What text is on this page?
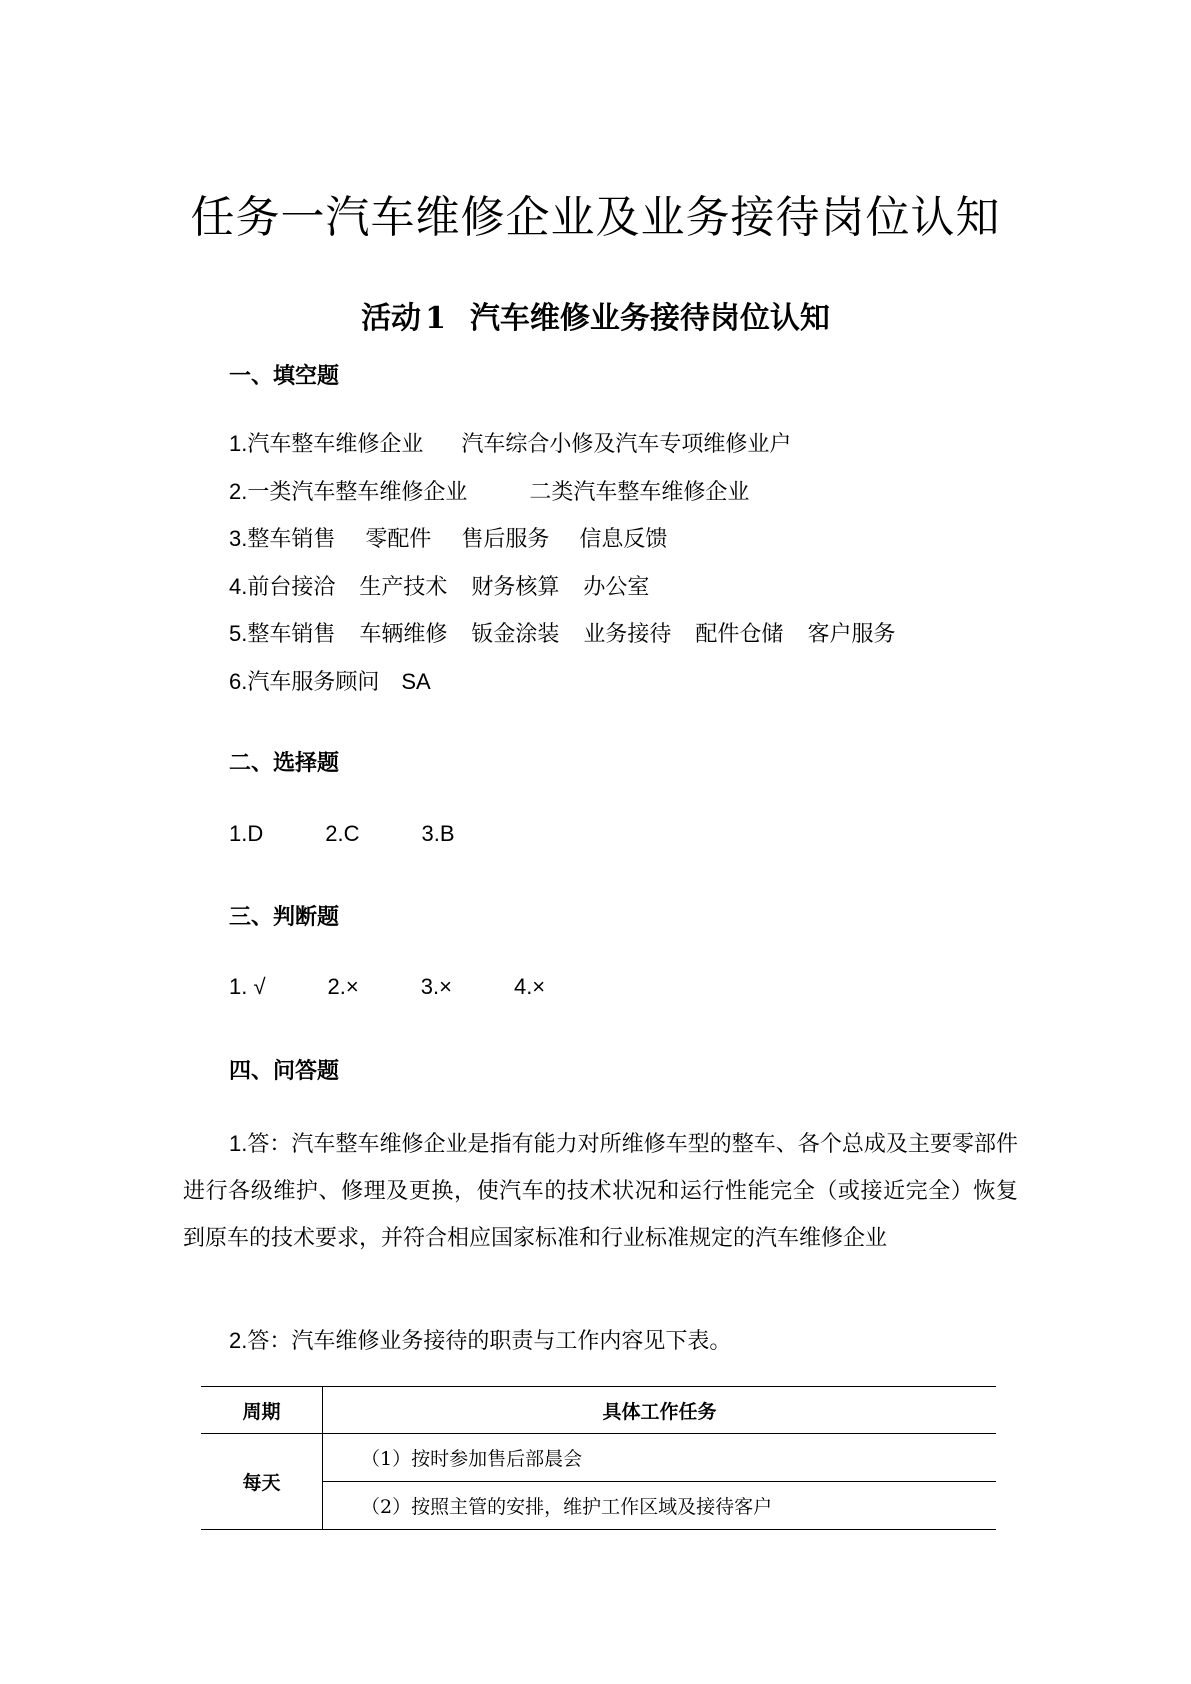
任务一汽车维修企业及业务接待岗位认知
活动 1 汽车维修业务接待岗位认知
一、填空题
1.汽车整车维修企业 汽车综合小修及汽车专项维修业户
2.一类汽车整车维修企业	二类汽车整车维修企业
3.整车销售 零配件 售后服务 信息反馈
4.前台接洽 生产技术 财务核算 办公室
5.整车销售 车辆维修 钣金涂装 业务接待 配件仓储 客户服务
6.汽车服务顾问 SA
二、选择题
1.D	2.C	3.B
三、判断题
1. √	2.×	3.×	4.×
四、问答题
1.答：汽车整车维修企业是指有能力对所维修车型的整车、各个总成及主要零部件进行各级维护、修理及更换，使汽车的技术状况和运行性能完全（或接近完全）恢复到原车的技术要求，并符合相应国家标准和行业标准规定的汽车维修企业
2.答：汽车维修业务接待的职责与工作内容见下表。
周期	具体工作任务
每天	（1）按时参加售后部晨会
	（2）按照主管的安排，维护工作区域及接待客户
